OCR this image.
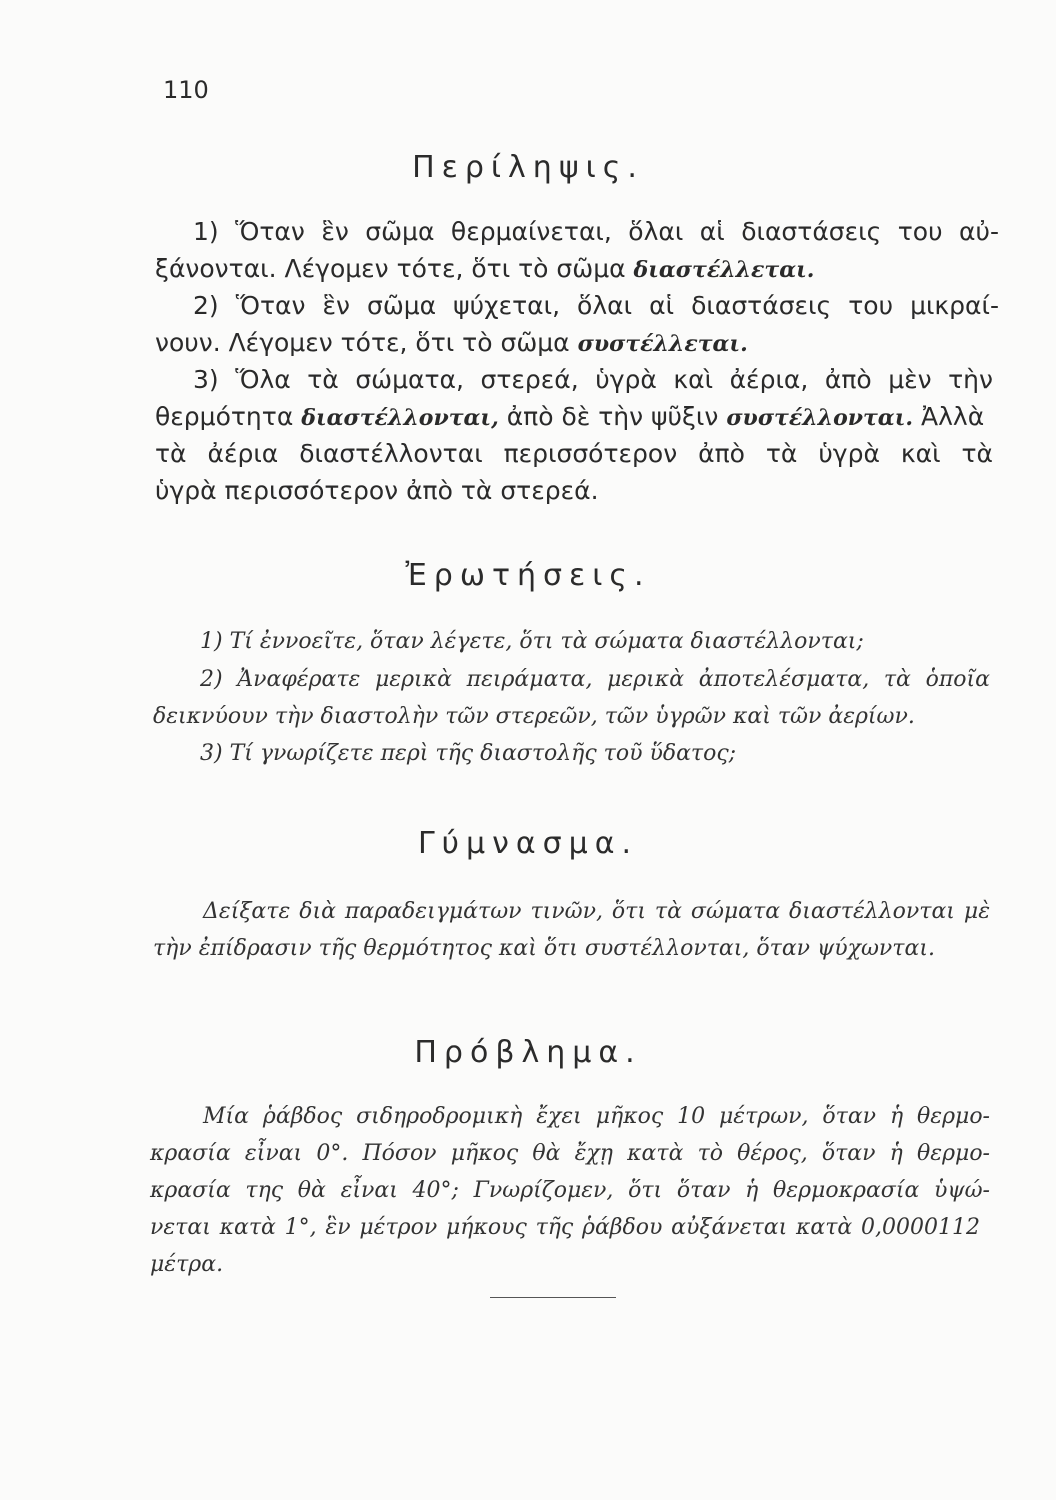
110
Περίληψις.
1) Ὅταν ἓν σῶμα θερμαίνεται, ὅλαι αἱ διαστάσεις του αὐ-
ξάνονται. Λέγομεν τότε, ὅτι τὸ σῶμα διαστέλλεται.
2) Ὅταν ἓν σῶμα ψύχεται, ὅλαι αἱ διαστάσεις του μικραί-
νουν. Λέγομεν τότε, ὅτι τὸ σῶμα συστέλλεται.
3) Ὅλα τὰ σώματα, στερεά, ὑγρὰ καὶ ἀέρια, ἀπὸ μὲν τὴν
θερμότητα διαστέλλονται, ἀπὸ δὲ τὴν ψῦξιν συστέλλονται. Ἀλλὰ
τὰ ἀέρια διαστέλλονται περισσότερον ἀπὸ τὰ ὑγρὰ καὶ τὰ
ὑγρὰ περισσότερον ἀπὸ τὰ στερεά.
Ἐρωτήσεις.
1) Τί ἐννοεῖτε, ὅταν λέγετε, ὅτι τὰ σώματα διαστέλλονται;
2) Ἀναφέρατε μερικὰ πειράματα, μερικὰ ἀποτελέσματα, τὰ ὁποῖα
δεικνύουν τὴν διαστολὴν τῶν στερεῶν, τῶν ὑγρῶν καὶ τῶν ἀερίων.
3) Τί γνωρίζετε περὶ τῆς διαστολῆς τοῦ ὕδατος;
Γύμνασμα.
Δείξατε διὰ παραδειγμάτων τινῶν, ὅτι τὰ σώματα διαστέλλονται μὲ
τὴν ἐπίδρασιν τῆς θερμότητος καὶ ὅτι συστέλλονται, ὅταν ψύχωνται.
Πρόβλημα.
Μία ῥάβδος σιδηροδρομικὴ ἔχει μῆκος 10 μέτρων, ὅταν ἡ θερμο-
κρασία εἶναι 0°. Πόσον μῆκος θὰ ἔχῃ κατὰ τὸ θέρος, ὅταν ἡ θερμο-
κρασία της θὰ εἶναι 40°; Γνωρίζομεν, ὅτι ὅταν ἡ θερμοκρασία ὑψώ-
νεται κατὰ 1°, ἓν μέτρον μήκους τῆς ῥάβδου αὐξάνεται κατὰ 0,0000112
μέτρα.
